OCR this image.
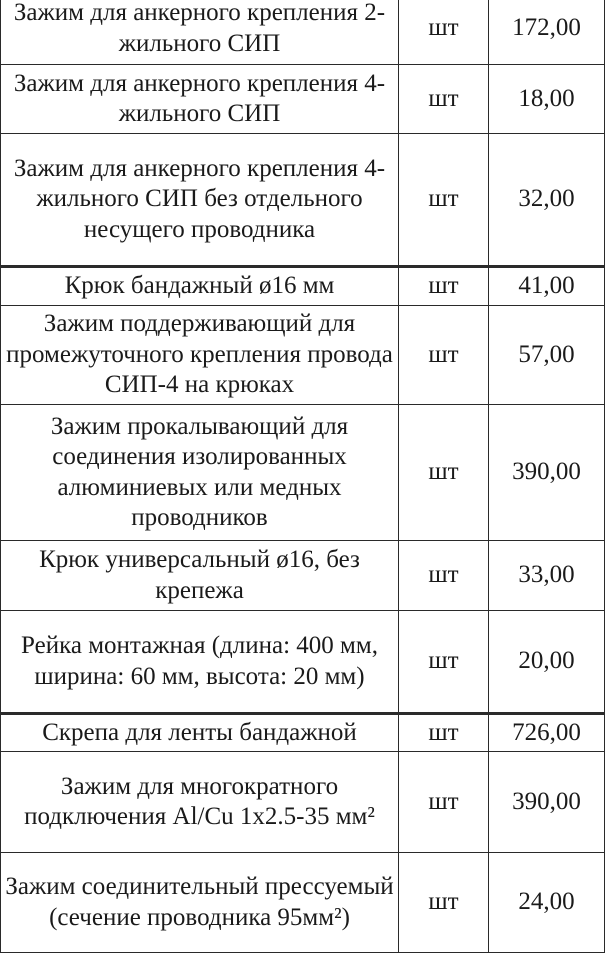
Зажим для анкерного крепления 2-жильного СИП	шт	172,00
Зажим для анкерного крепления 4-жильного СИП	шт	18,00
Зажим для анкерного крепления 4-жильного СИП без отдельного несущего проводника	шт	32,00
Крюк бандажный ø16 мм	шт	41,00
Зажим поддерживающий для промежуточного крепления провода СИП-4 на крюках	шт	57,00
Зажим прокалывающий для соединения изолированных алюминиевых или медных проводников	шт	390,00
Крюк универсальный ø16, без крепежа	шт	33,00
Рейка монтажная (длина: 400 мм, ширина: 60 мм, высота: 20 мм)	шт	20,00
Скрепа для ленты бандажной	шт	726,00
Зажим для многократного подключения Al/Cu 1x2.5-35 мм²	шт	390,00
Зажим соединительный прессуемый (сечение проводника 95мм²)	шт	24,00
